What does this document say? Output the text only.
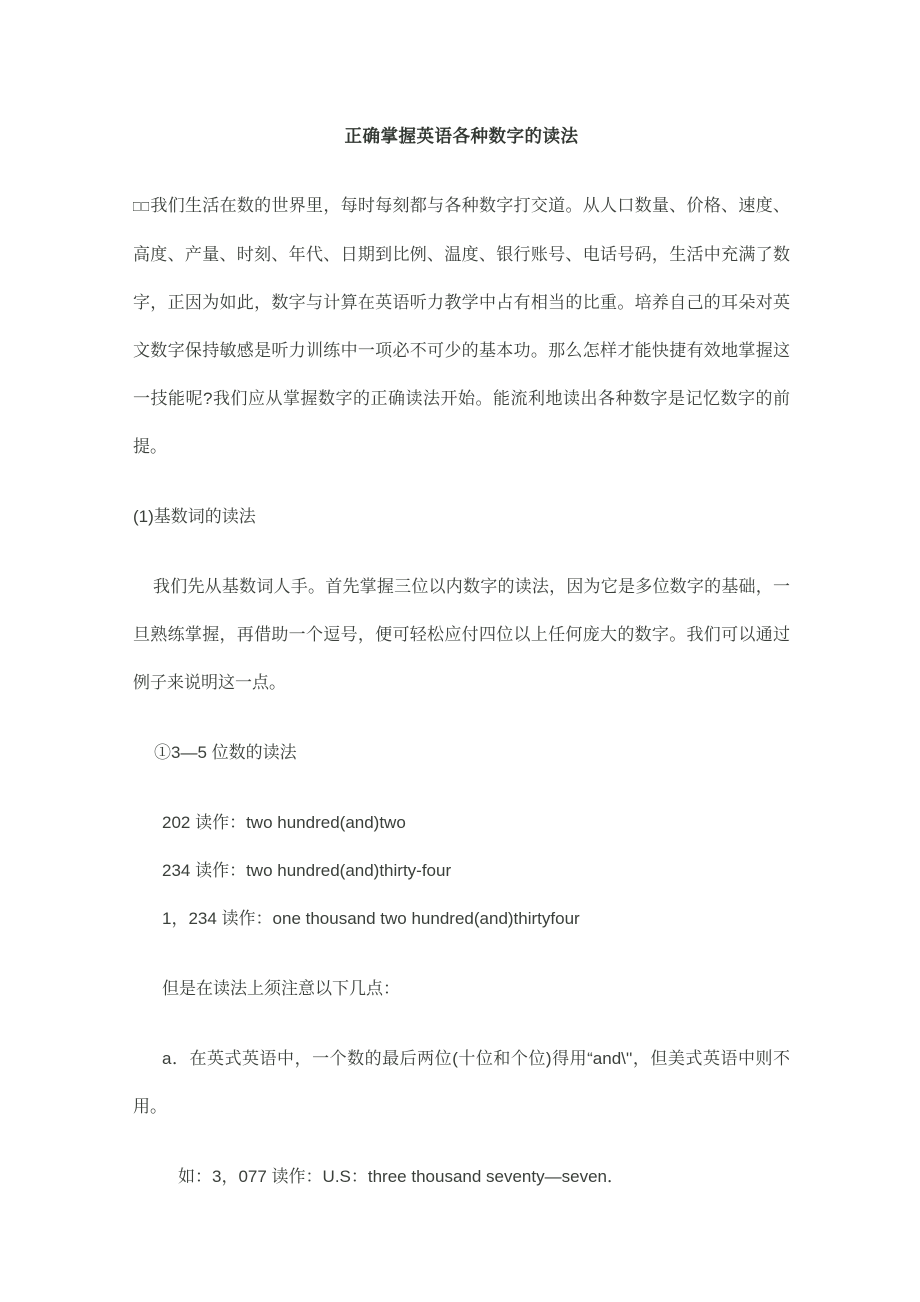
正确掌握英语各种数字的读法

□□我们生活在数的世界里，每时每刻都与各种数字打交道。从人口数量、价格、速度、高度、产量、时刻、年代、日期到比例、温度、银行账号、电话号码，生活中充满了数字，正因为如此，数字与计算在英语听力教学中占有相当的比重。培养自己的耳朵对英文数字保持敏感是听力训练中一项必不可少的基本功。那么怎样才能快捷有效地掌握这一技能呢?我们应从掌握数字的正确读法开始。能流利地读出各种数字是记忆数字的前提。

(1)基数词的读法

我们先从基数词人手。首先掌握三位以内数字的读法，因为它是多位数字的基础，一旦熟练掌握，再借助一个逗号，便可轻松应付四位以上任何庞大的数字。我们可以通过例子来说明这一点。

①3—5 位数的读法

202 读作：two hundred(and)two

234 读作：two hundred(and)thirty-four

1，234 读作：one thousand two hundred(and)thirtyfour

但是在读法上须注意以下几点：

a．在英式英语中，一个数的最后两位(十位和个位)得用“and\''，但美式英语中则不用。

如：3，077 读作：U.S：three thousand seventy—seven．
